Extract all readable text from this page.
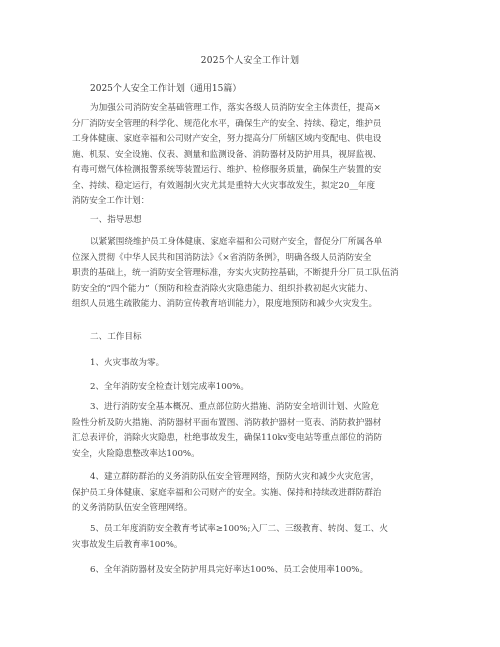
2025个人安全工作计划
2025个人安全工作计划（通用15篇）
为加强公司消防安全基础管理工作，落实各级人员消防安全主体责任，提高×
分厂消防安全管理的科学化、规范化水平，确保生产的安全、持续、稳定，维护员
工身体健康、家庭幸福和公司财产安全，努力提高分厂所辖区域内变配电、供电设
施、机泵、安全设施、仪表、测量和监测设备、消防器材及防护用具，视屏监视、
有毒可燃气体检测报警系统等装置运行、维护、检修服务质量，确保生产装置的安
全、持续、稳定运行，有效遏制火灾尤其是重特大火灾事故发生，拟定20__年度
消防安全工作计划：
一、指导思想
以紧紧围绕维护员工身体健康、家庭幸福和公司财产安全，督促分厂所属各单
位深入贯彻《中华人民共和国消防法》《×省消防条例》，明确各级人员消防安全
职责的基础上，统一消防安全管理标准，夯实火灾防控基础，不断提升分厂员工队伍消
防安全的“四个能力”（预防和检查消除火灾隐患能力、组织扑救初起火灾能力、
组织人员逃生疏散能力、消防宣传教育培训能力），限度地预防和减少火灾发生。
二、工作目标
1、火灾事故为零。
2、全年消防安全检查计划完成率100%。
3、进行消防安全基本概况、重点部位防火措施、消防安全培训计划、火险危
险性分析及防火措施、消防器材平面布置图、消防救护器材一览表、消防救护器材
汇总表评价，消除火灾隐患，杜绝事故发生，确保110kv变电站等重点部位的消防
安全，火险隐患整改率达100%。
4、建立群防群治的义务消防队伍安全管理网络，预防火灾和减少火灾危害，
保护员工身体健康、家庭幸福和公司财产的安全。实施、保持和持续改进群防群治
的义务消防队伍安全管理网络。
5、员工年度消防安全教育考试率≥100%;入厂二、三级教育、转岗、复工、火
灾事故发生后教育率100%。
6、全年消防器材及安全防护用具完好率达100%、员工会使用率100%。
